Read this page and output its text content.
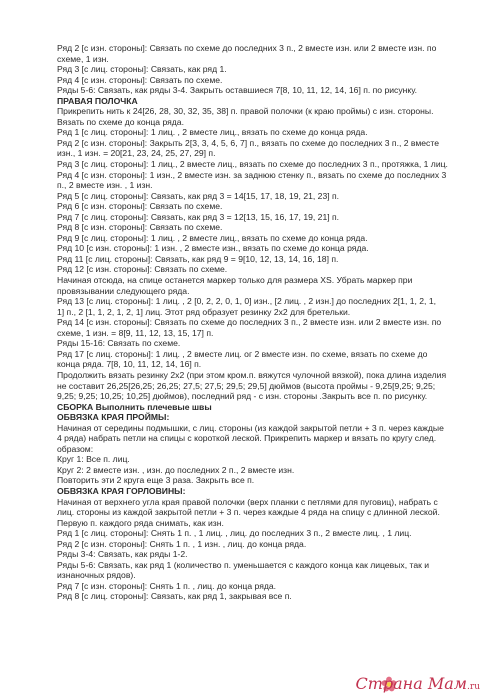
Ряд 2 [с изн. стороны]: Связать по схеме до последних 3 п., 2 вместе изн. или 2 вместе изн. по
схеме, 1 изн.
Ряд 3 [с лиц. стороны]: Связать, как ряд 1.
Ряд 4 [с изн. стороны]: Связать по схеме.
Ряды 5-6: Связать, как ряды 3-4. Закрыть оставшиеся 7[8, 10, 11, 12, 14, 16] п. по рисунку.
ПРАВАЯ ПОЛОЧКА
Прикрепить нить к 24[26, 28, 30, 32, 35, 38] п. правой полочки (к краю проймы) с изн. стороны.
Вязать по схеме до конца ряда.
Ряд 1 [с лиц. стороны]: 1 лиц. , 2 вместе лиц., вязать по схеме до конца ряда.
Ряд 2 [с изн. стороны]: Закрыть 2[3, 3, 4, 5, 6, 7] п., вязать по схеме до последних 3 п., 2 вместе
изн., 1 изн. = 20[21, 23, 24, 25, 27, 29] п.
Ряд 3 [с лиц. стороны]: 1 лиц., 2 вместе лиц., вязать по схеме до последних 3 п., протяжка, 1 лиц.
Ряд 4 [с изн. стороны]: 1 изн., 2 вместе изн. за заднюю стенку п., вязать по схеме до последних 3
п., 2 вместе изн. , 1 изн.
Ряд 5 [с лиц. стороны]: Связать, как ряд 3 = 14[15, 17, 18, 19, 21, 23] п.
Ряд 6 [с изн. стороны]: Связать по схеме.
Ряд 7 [с лиц. стороны]: Связать, как ряд 3 = 12[13, 15, 16, 17, 19, 21] п.
Ряд 8 [с изн. стороны]: Связать по схеме.
Ряд 9 [с лиц. стороны]: 1 лиц. , 2 вместе лиц., вязать по схеме до конца ряда.
Ряд 10 [с изн. стороны]: 1 изн. , 2 вместе изн., вязать по схеме до конца ряда.
Ряд 11 [с лиц. стороны]: Связать, как ряд 9 = 9[10, 12, 13, 14, 16, 18] п.
Ряд 12 [с изн. стороны]: Связать по схеме.
Начиная отсюда, на спице останется маркер только для размера XS. Убрать маркер при
провязывании следующего ряда.
Ряд 13 [с лиц. стороны]: 1 лиц. , 2 [0, 2, 2, 0, 1, 0] изн., [2 лиц. , 2 изн.] до последних 2[1, 1, 2, 1,
1] п., 2 [1, 1, 2, 1, 2, 1] лиц. Этот ряд образует резинку 2х2 для бретельки.
Ряд 14 [с изн. стороны]: Связать по схеме до последних 3 п., 2 вместе изн. или 2 вместе изн. по
схеме, 1 изн. = 8[9, 11, 12, 13, 15, 17] п.
Ряды 15-16: Связать по схеме.
Ряд 17 [с лиц. стороны]: 1 лиц. , 2 вместе лиц. ог 2 вместе изн. по схеме, вязать по схеме до
конца ряда. 7[8, 10, 11, 12, 14, 16] п.
Продолжить вязать резинку 2х2 (при этом кром.п. вяжутся чулочной вязкой), пока длина изделия
не составит 26,25[26,25; 26,25; 27,5; 27,5; 29,5; 29,5] дюймов (высота проймы - 9,25[9,25; 9,25;
9,25; 9,25; 10,25; 10,25] дюймов), последний ряд - с изн. стороны .Закрыть все п. по рисунку.
СБОРКА Выполнить плечевые швы
ОБВЯЗКА КРАЯ ПРОЙМЫ:
Начиная от середины подмышки, с лиц. стороны (из каждой закрытой петли + 3 п. через каждые
4 ряда) набрать петли на спицы с короткой леской. Прикрепить маркер и вязать по кругу след.
образом:
Круг 1: Все п. лиц.
Круг 2: 2 вместе изн. , изн. до последних 2 п., 2 вместе изн.
Повторить эти 2 круга еще 3 раза. Закрыть все п.
ОБВЯЗКА КРАЯ ГОРЛОВИНЫ:
Начиная от верхнего угла края правой полочки (верх планки с петлями для пуговиц), набрать с
лиц. стороны из каждой закрытой петли + 3 п. через каждые 4 ряда на спицу с длинной леской.
Первую п. каждого ряда снимать, как изн.
Ряд 1 [с лиц. стороны]: Снять 1 п. , 1 лиц. , лиц. до последних 3 п., 2 вместе лиц. , 1 лиц.
Ряд 2 [с изн. стороны]: Снять 1 п. , 1 изн. , лиц. до конца ряда.
Ряды 3-4: Связать, как ряды 1-2.
Ряды 5-6: Связать, как ряд 1 (количество п. уменьшается с каждого конца как лицевых, так и
изнаночных рядов).
Ряд 7 [с изн. стороны]: Снять 1 п. , лиц. до конца ряда.
Ряд 8 [с лиц. стороны]: Связать, как ряд 1, закрывая все п.
Страна Мам.ru
